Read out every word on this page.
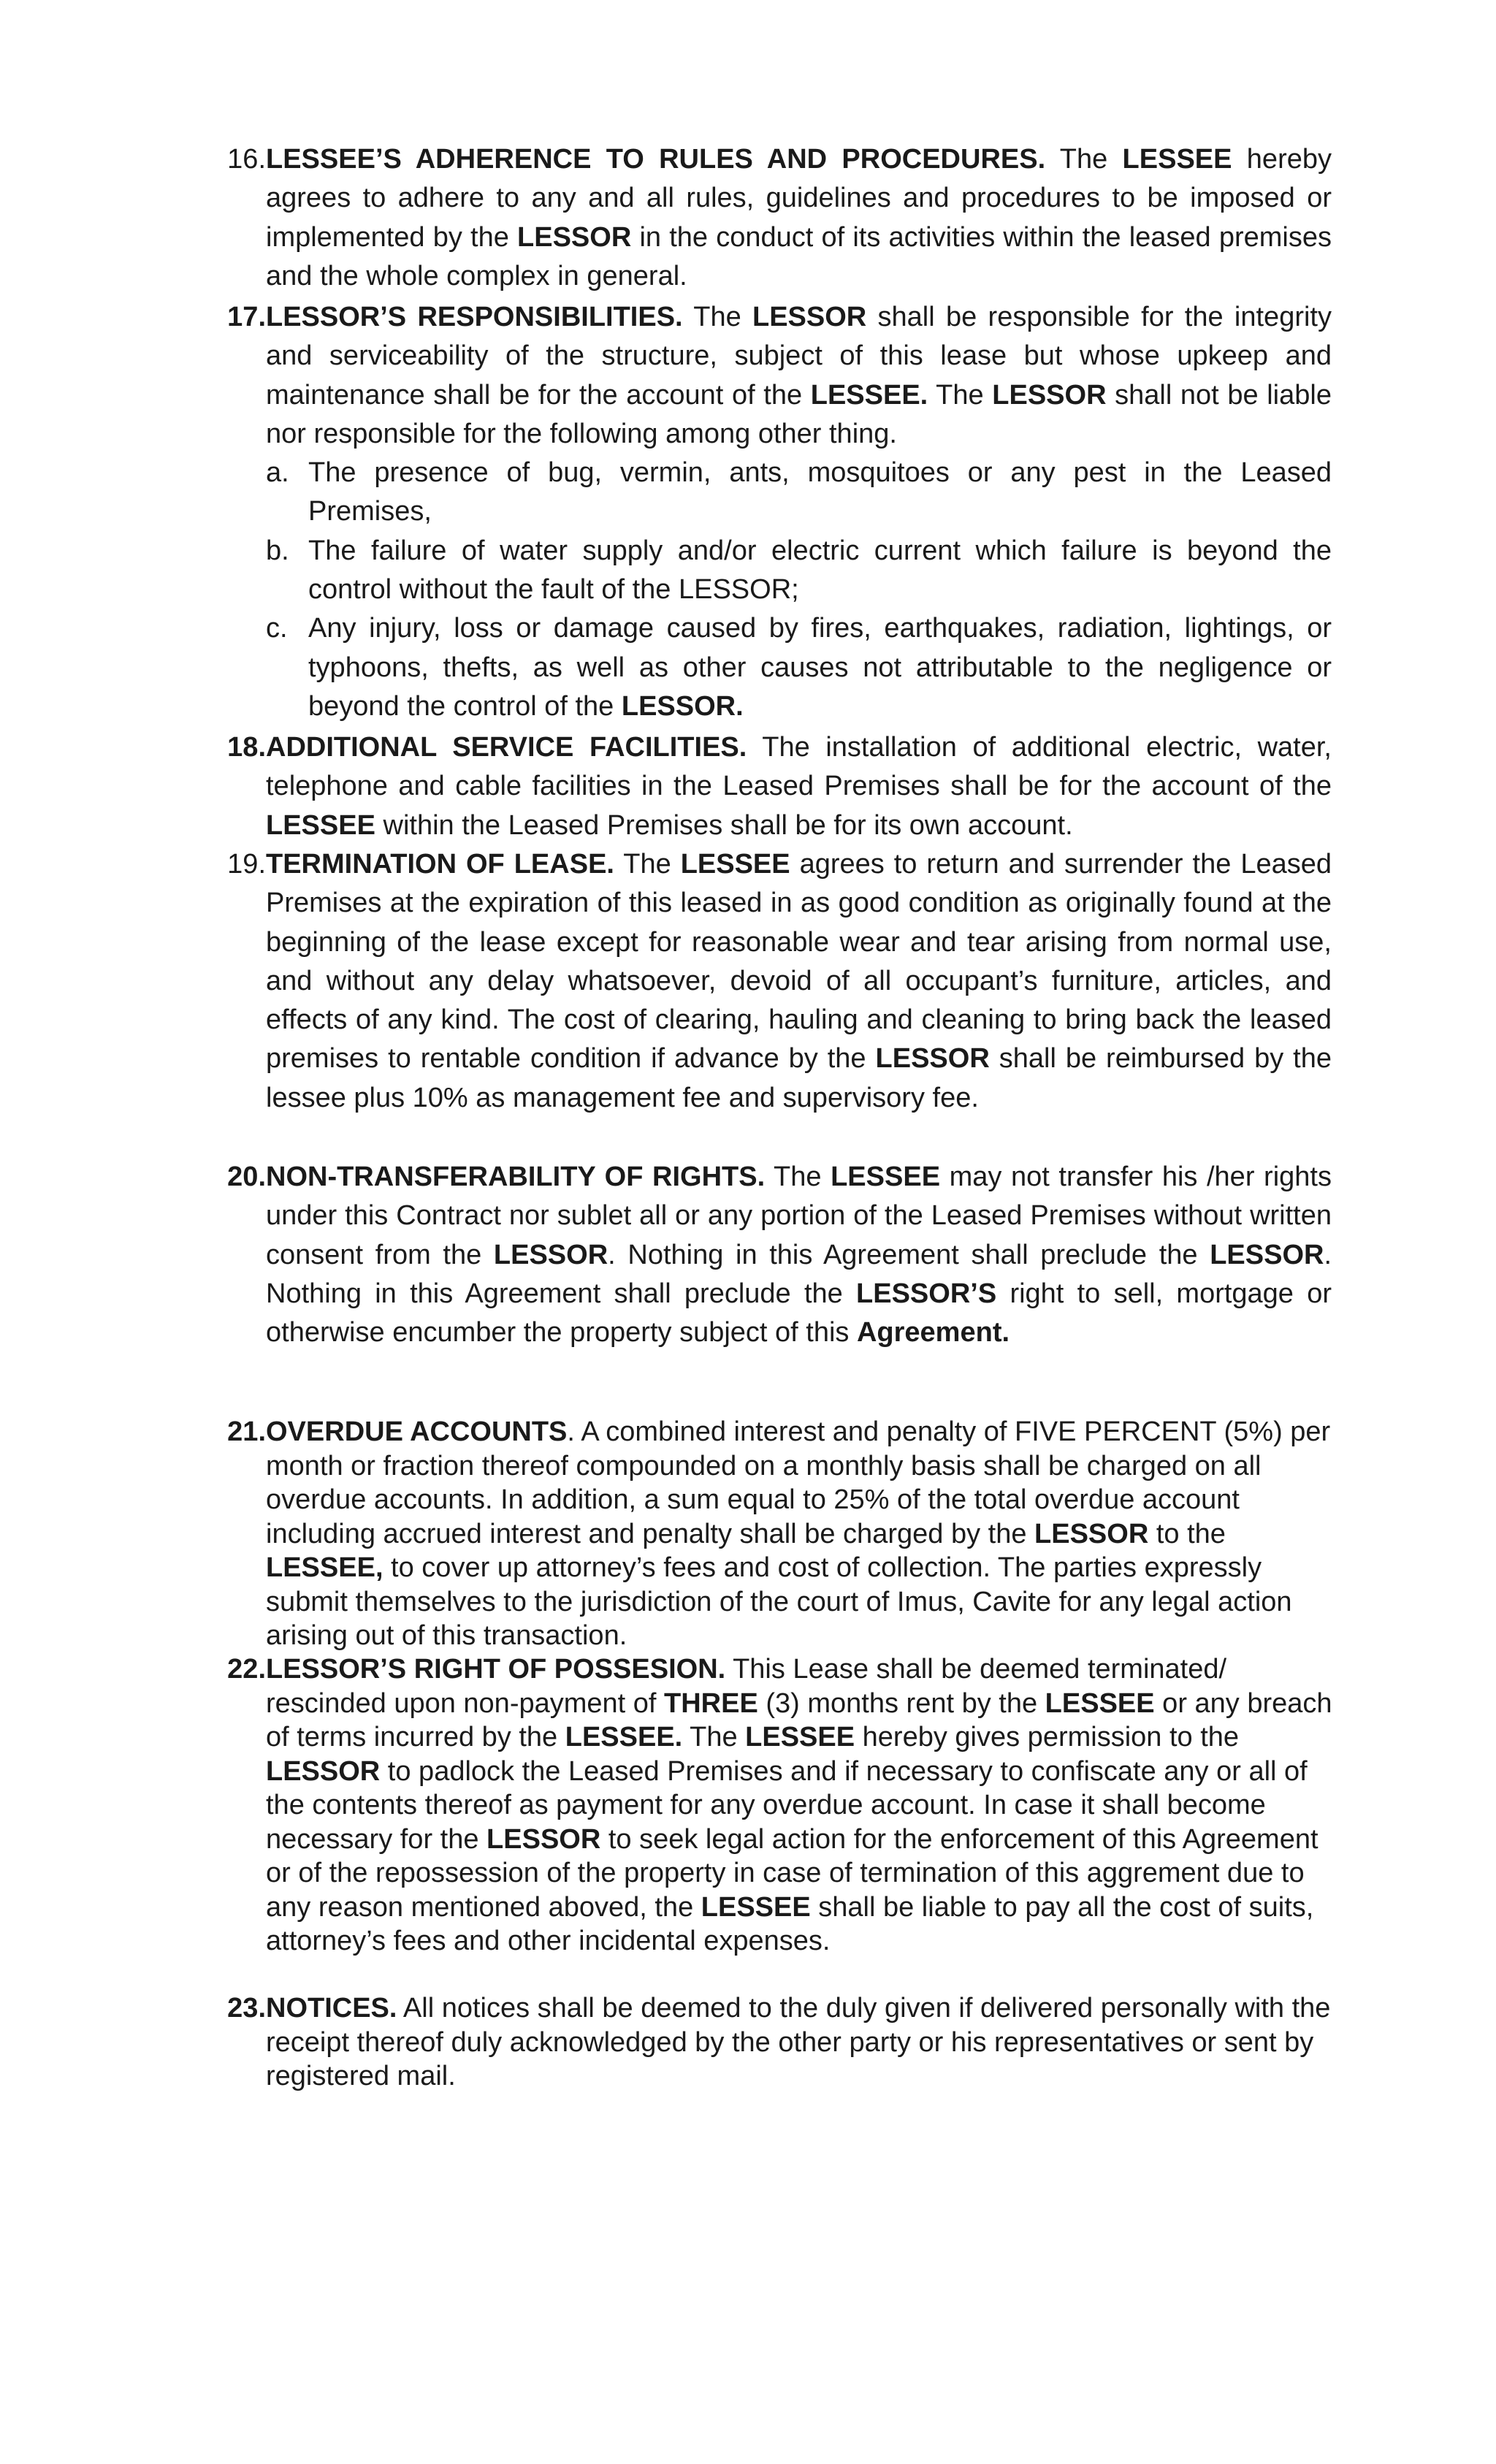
16. LESSEE’S ADHERENCE TO RULES AND PROCEDURES. The LESSEE hereby agrees to adhere to any and all rules, guidelines and procedures to be imposed or implemented by the LESSOR in the conduct of its activities within the leased premises and the whole complex in general.
17. LESSOR’S RESPONSIBILITIES. The LESSOR shall be responsible for the integrity and serviceability of the structure, subject of this lease but whose upkeep and maintenance shall be for the account of the LESSEE. The LESSOR shall not be liable nor responsible for the following among other thing.
a. The presence of bug, vermin, ants, mosquitoes or any pest in the Leased Premises,
b. The failure of water supply and/or electric current which failure is beyond the control without the fault of the LESSOR;
c. Any injury, loss or damage caused by fires, earthquakes, radiation, lightings, or typhoons, thefts, as well as other causes not attributable to the negligence or beyond the control of the LESSOR.
18. ADDITIONAL SERVICE FACILITIES. The installation of additional electric, water, telephone and cable facilities in the Leased Premises shall be for the account of the LESSEE within the Leased Premises shall be for its own account.
19. TERMINATION OF LEASE. The LESSEE agrees to return and surrender the Leased Premises at the expiration of this leased in as good condition as originally found at the beginning of the lease except for reasonable wear and tear arising from normal use, and without any delay whatsoever, devoid of all occupant’s furniture, articles, and effects of any kind. The cost of clearing, hauling and cleaning to bring back the leased premises to rentable condition if advance by the LESSOR shall be reimbursed by the lessee plus 10% as management fee and supervisory fee.
20. NON-TRANSFERABILITY OF RIGHTS. The LESSEE may not transfer his /her rights under this Contract nor sublet all or any portion of the Leased Premises without written consent from the LESSOR. Nothing in this Agreement shall preclude the LESSOR. Nothing in this Agreement shall preclude the LESSOR’S right to sell, mortgage or otherwise encumber the property subject of this Agreement.
21. OVERDUE ACCOUNTS. A combined interest and penalty of FIVE PERCENT (5%) per month or fraction thereof compounded on a monthly basis shall be charged on all overdue accounts. In addition, a sum equal to 25% of the total overdue account including accrued interest and penalty shall be charged by the LESSOR to the LESSEE, to cover up attorney’s fees and cost of collection. The parties expressly submit themselves to the jurisdiction of the court of Imus, Cavite for any legal action arising out of this transaction.
22. LESSOR’S RIGHT OF POSSESION. This Lease shall be deemed terminated/ rescinded upon non-payment of THREE (3) months rent by the LESSEE or any breach of terms incurred by the LESSEE. The LESSEE hereby gives permission to the LESSOR to padlock the Leased Premises and if necessary to confiscate any or all of the contents thereof as payment for any overdue account. In case it shall become necessary for the LESSOR to seek legal action for the enforcement of this Agreement or of the repossession of the property in case of termination of this aggrement due to any reason mentioned aboved, the LESSEE shall be liable to pay all the cost of suits, attorney’s fees and other incidental expenses.
23. NOTICES. All notices shall be deemed to the duly given if delivered personally with the receipt thereof duly acknowledged by the other party or his representatives or sent by registered mail.
